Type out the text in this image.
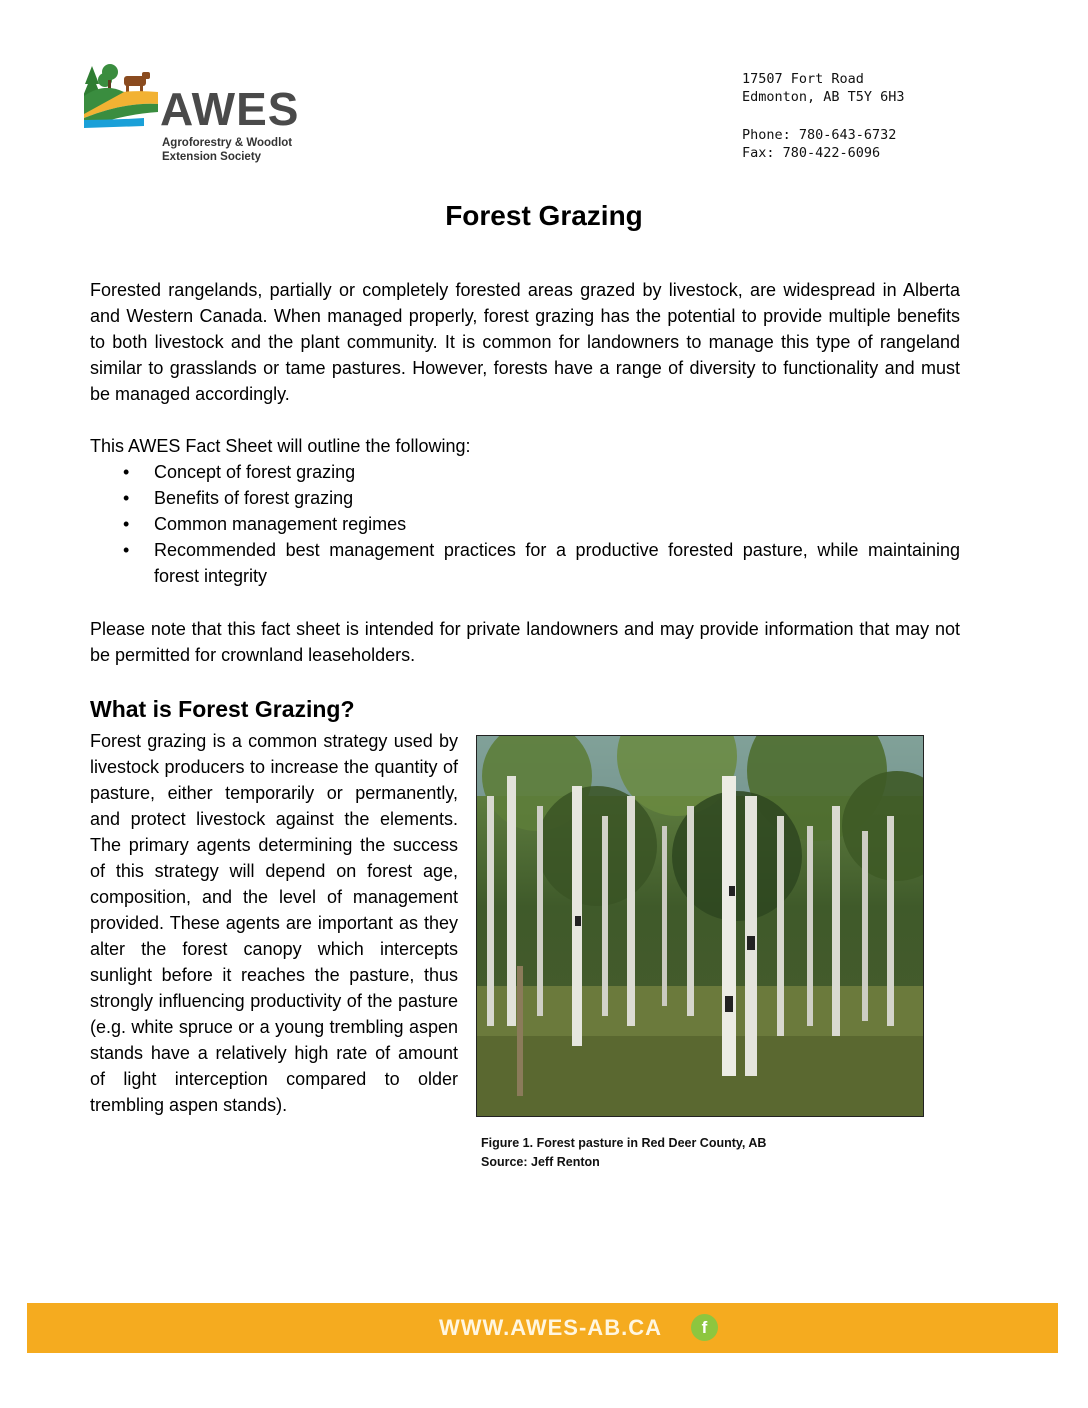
AWES
Agroforestry & Woodlot
Extension Society
17507 Fort Road
Edmonton, AB T5Y 6H3
Phone: 780-643-6732
Fax: 780-422-6096
Forest Grazing
Forested rangelands, partially or completely forested areas grazed by livestock, are widespread in Alberta and Western Canada. When managed properly, forest grazing has the potential to provide multiple benefits to both livestock and the plant community. It is common for landowners to manage this type of rangeland similar to grasslands or tame pastures. However, forests have a range of diversity to functionality and must be managed accordingly.
This AWES Fact Sheet will outline the following:
• Concept of forest grazing
• Benefits of forest grazing
• Common management regimes
• Recommended best management practices for a productive forested pasture, while maintaining forest integrity
Please note that this fact sheet is intended for private landowners and may provide information that may not be permitted for crownland leaseholders.
What is Forest Grazing?
Forest grazing is a common strategy used by livestock producers to increase the quantity of pasture, either temporarily or permanently, and protect livestock against the elements. The primary agents determining the success of this strategy will depend on forest age, composition, and the level of management provided. These agents are important as they alter the forest canopy which intercepts sunlight before it reaches the pasture, thus strongly influencing productivity of the pasture (e.g. white spruce or a young trembling aspen stands have a relatively high rate of amount of light interception compared to older trembling aspen stands).
Figure 1. Forest pasture in Red Deer County, AB
Source: Jeff Renton
WWW.AWES-AB.CA	f
